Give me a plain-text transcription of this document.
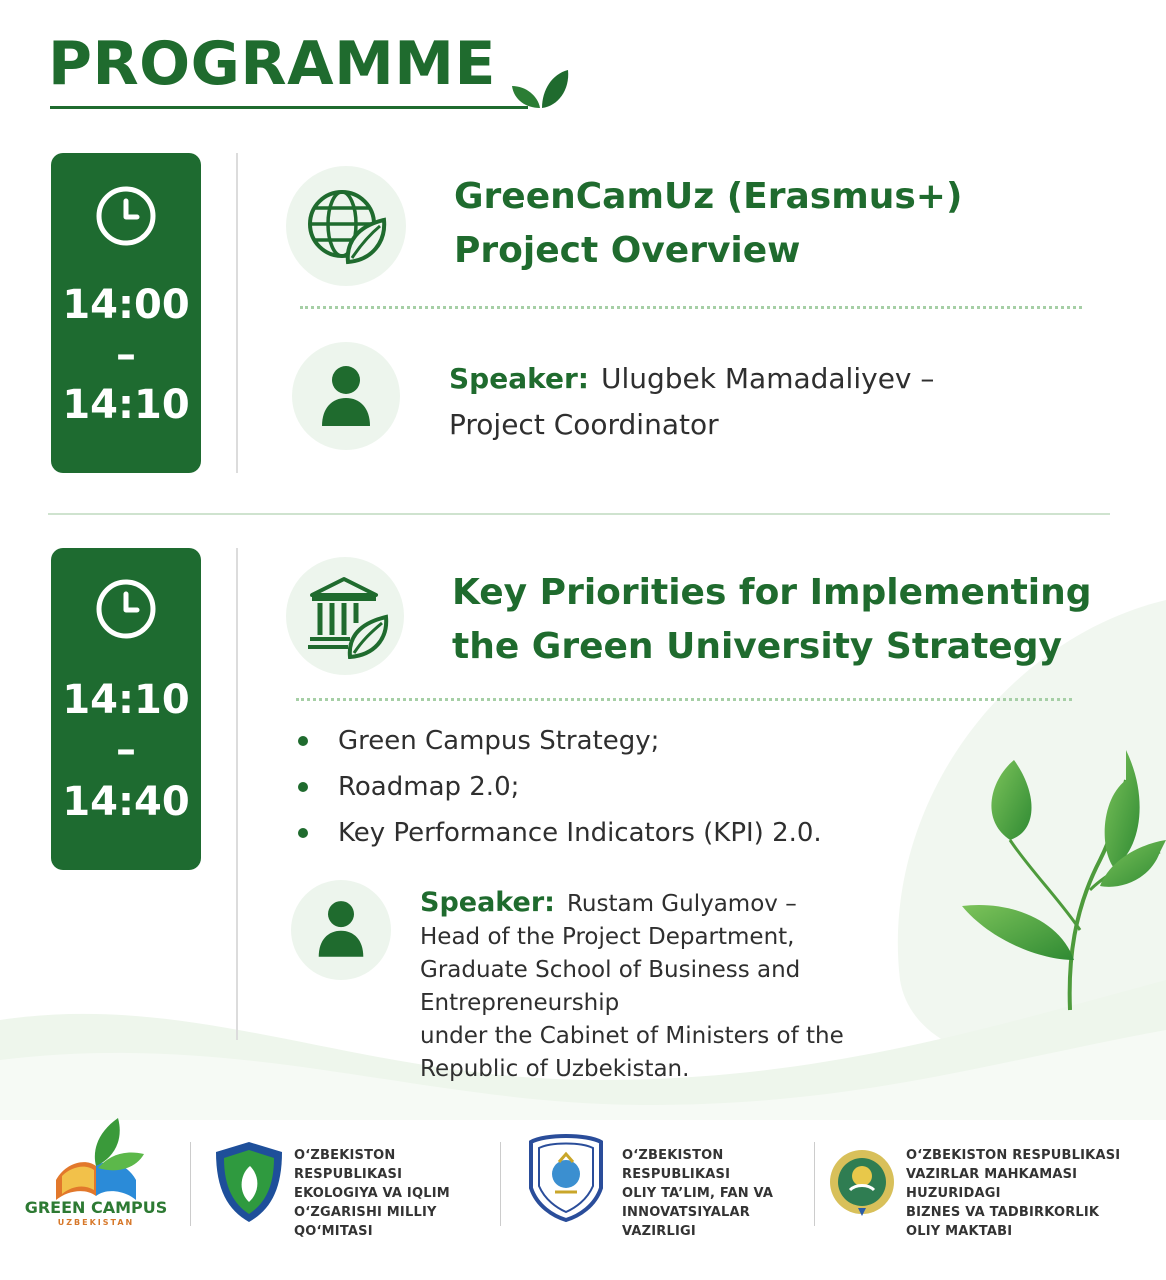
PROGRAMME
14:00
–
14:10
GreenCamUz (Erasmus+)
Project Overview
Speaker: Ulugbek Mamadaliyev –
Project Coordinator
14:10
–
14:40
Key Priorities for Implementing
the Green University Strategy
Green Campus Strategy;
Roadmap 2.0;
Key Performance Indicators (KPI) 2.0.
Speaker: Rustam Gulyamov –
Head of the Project Department,
Graduate School of Business and Entrepreneurship
under the Cabinet of Ministers of the
Republic of Uzbekistan.
GREEN CAMPUS
UZBEKISTAN
O‘ZBEKISTON RESPUBLIKASI
EKOLOGIYA VA IQLIM
O‘ZGARISHI MILLIY
QO‘MITASI
O‘ZBEKISTON RESPUBLIKASI
OLIY TA’LIM, FAN VA
INNOVATSIYALAR
VAZIRLIGI
O‘ZBEKISTON RESPUBLIKASI
VAZIRLAR MAHKAMASI HUZURIDAGI
BIZNES VA TADBIRKORLIK
OLIY MAKTABI
